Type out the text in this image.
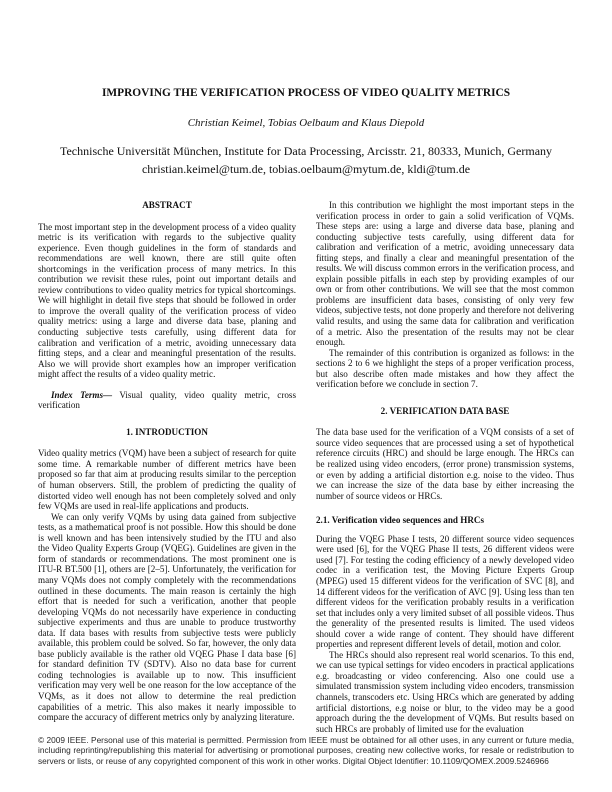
IMPROVING THE VERIFICATION PROCESS OF VIDEO QUALITY METRICS
Christian Keimel, Tobias Oelbaum and Klaus Diepold
Technische Universität München, Institute for Data Processing, Arcisstr. 21, 80333, Munich, Germany
christian.keimel@tum.de, tobias.oelbaum@mytum.de, kldi@tum.de
ABSTRACT

The most important step in the development process of a video quality metric is its verification with regards to the subjective quality experience. Even though guidelines in the form of standards and recommendations are well known, there are still quite often shortcomings in the verification process of many metrics. In this contribution we revisit these rules, point out important details and review contributions to video quality metrics for typical shortcomings. We will highlight in detail five steps that should be followed in order to improve the overall quality of the verification process of video quality metrics: using a large and diverse data base, planing and conducting subjective tests carefully, using different data for calibration and verification of a metric, avoiding unnecessary data fitting steps, and a clear and meaningful presentation of the results. Also we will provide short examples how an improper verification might affect the results of a video quality metric.

Index Terms— Visual quality, video quality metric, cross verification

1. INTRODUCTION

Video quality metrics (VQM) have been a subject of research for quite some time. A remarkable number of different metrics have been proposed so far that aim at producing results similar to the perception of human observers. Still, the problem of predicting the quality of distorted video well enough has not been completely solved and only few VQMs are used in real-life applications and products.

We can only verify VQMs by using data gained from subjective tests, as a mathematical proof is not possible. How this should be done is well known and has been intensively studied by the ITU and also the Video Quality Experts Group (VQEG). Guidelines are given in the form of standards or recommendations. The most prominent one is ITU-R BT.500 [1], others are [2–5]. Unfortunately, the verification for many VQMs does not comply completely with the recommendations outlined in these documents. The main reason is certainly the high effort that is needed for such a verification, another that people developing VQMs do not necessarily have experience in conducting subjective experiments and thus are unable to produce trustworthy data. If data bases with results from subjective tests were publicly available, this problem could be solved. So far, however, the only data base publicly available is the rather old VQEG Phase I data base [6] for standard definition TV (SDTV). Also no data base for current coding technologies is available up to now. This insufficient verification may very well be one reason for the low acceptance of the VQMs, as it does not allow to determine the real prediction capabilities of a metric. This also makes it nearly impossible to compare the accuracy of different metrics only by analyzing literature.

In this contribution we highlight the most important steps in the verification process in order to gain a solid verification of VQMs. These steps are: using a large and diverse data base, planing and conducting subjective tests carefully, using different data for calibration and verification of a metric, avoiding unnecessary data fitting steps, and finally a clear and meaningful presentation of the results. We will discuss common errors in the verification process, and explain possible pitfalls in each step by providing examples of our own or from other contributions. We will see that the most common problems are insufficient data bases, consisting of only very few videos, subjective tests, not done properly and therefore not delivering valid results, and using the same data for calibration and verification of a metric. Also the presentation of the results may not be clear enough.

The remainder of this contribution is organized as follows: in the sections 2 to 6 we highlight the steps of a proper verification process, but also describe often made mistakes and how they affect the verification before we conclude in section 7.

2. VERIFICATION DATA BASE

The data base used for the verification of a VQM consists of a set of source video sequences that are processed using a set of hypothetical reference circuits (HRC) and should be large enough. The HRCs can be realized using video encoders, (error prone) transmission systems, or even by adding a artificial distortion e.g. noise to the video. Thus we can increase the size of the data base by either increasing the number of source videos or HRCs.

2.1. Verification video sequences and HRCs

During the VQEG Phase I tests, 20 different source video sequences were used [6], for the VQEG Phase II tests, 26 different videos were used [7]. For testing the coding efficiency of a newly developed video codec in a verification test, the Moving Picture Experts Group (MPEG) used 15 different videos for the verification of SVC [8], and 14 different videos for the verification of AVC [9]. Using less than ten different videos for the verification probably results in a verification set that includes only a very limited subset of all possible videos. Thus the generality of the presented results is limited. The used videos should cover a wide range of content. They should have different properties and represent different levels of detail, motion and color.

The HRCs should also represent real world scenarios. To this end, we can use typical settings for video encoders in practical applications e.g. broadcasting or video conferencing. Also one could use a simulated transmission system including video encoders, transmission channels, transcoders etc. Using HRCs which are generated by adding artificial distortions, e.g noise or blur, to the video may be a good approach during the the development of VQMs. But results based on such HRCs are probably of limited use for the evaluation

© 2009 IEEE. Personal use of this material is permitted. Permission from IEEE must be obtained for all other uses, in any current or future media, including reprinting/republishing this material for advertising or promotional purposes, creating new collective works, for resale or redistribution to servers or lists, or reuse of any copyrighted component of this work in other works. Digital Object Identifier: 10.1109/QOMEX.2009.5246966
